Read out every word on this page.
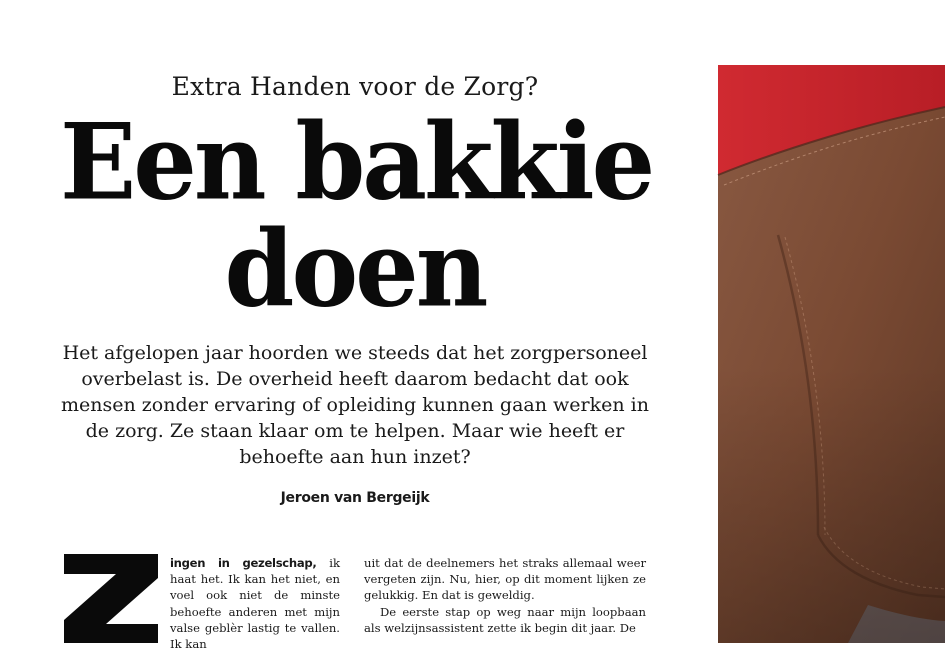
Extra Handen voor de Zorg?
Een bakkie
doen
Het afgelopen jaar hoorden we steeds dat het zorgpersoneel overbelast is. De overheid heeft daarom bedacht dat ook mensen zonder ervaring of opleiding kunnen gaan werken in de zorg. Ze staan klaar om te helpen. Maar wie heeft er behoefte aan hun inzet?
Jeroen van Bergeijk

ingen in gezelschap, ik haat het. Ik kan het niet, en voel ook niet de minste behoefte anderen met mijn valse geblèr lastig te vallen. Ik kan

uit dat de deelnemers het straks allemaal weer vergeten zijn. Nu, hier, op dit moment lijken ze gelukkig. En dat is geweldig.

De eerste stap op weg naar mijn loopbaan als welzijnsassistent zette ik begin dit jaar. De
